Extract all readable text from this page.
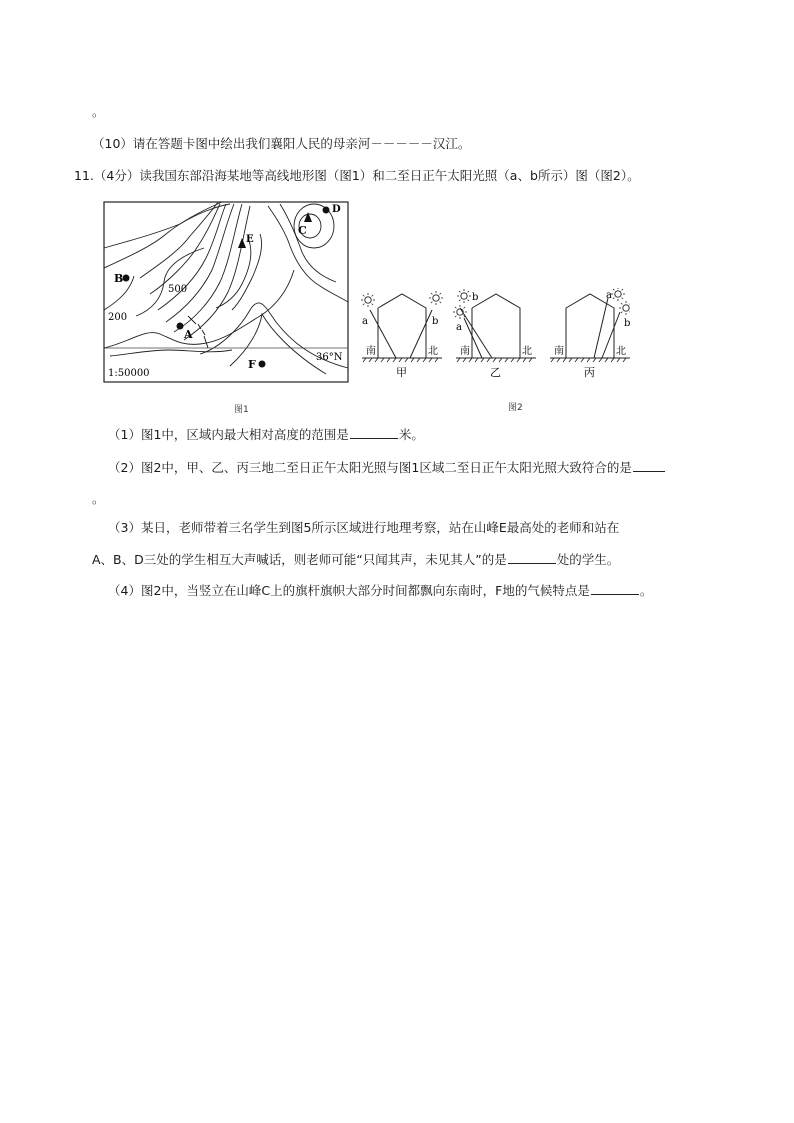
。
（10）请在答题卡图中绘出我们襄阳人民的母亲河－－－－－汉江。
11.（4分）读我国东部沿海某地等高线地形图（图1）和二至日正午太阳光照（a、b所示）图（图2）。
B
A
C
D
E
F
500
200
36°N
1:50000
图1
a	b
南	北
甲
b
a
南	北
乙
a
b
南	北
丙
图2
（1）图1中，区域内最大相对高度的范围是	米。
（2）图2中，甲、乙、丙三地二至日正午太阳光照与图1区域二至日正午太阳光照大致符合的是
。
（3）某日，老师带着三名学生到图5所示区域进行地理考察，站在山峰E最高处的老师和站在
A、B、D三处的学生相互大声喊话，则老师可能“只闻其声，未见其人”的是	处的学生。
（4）图2中，当竖立在山峰C上的旗杆旗帜大部分时间都飘向东南时，F地的气候特点是	。
